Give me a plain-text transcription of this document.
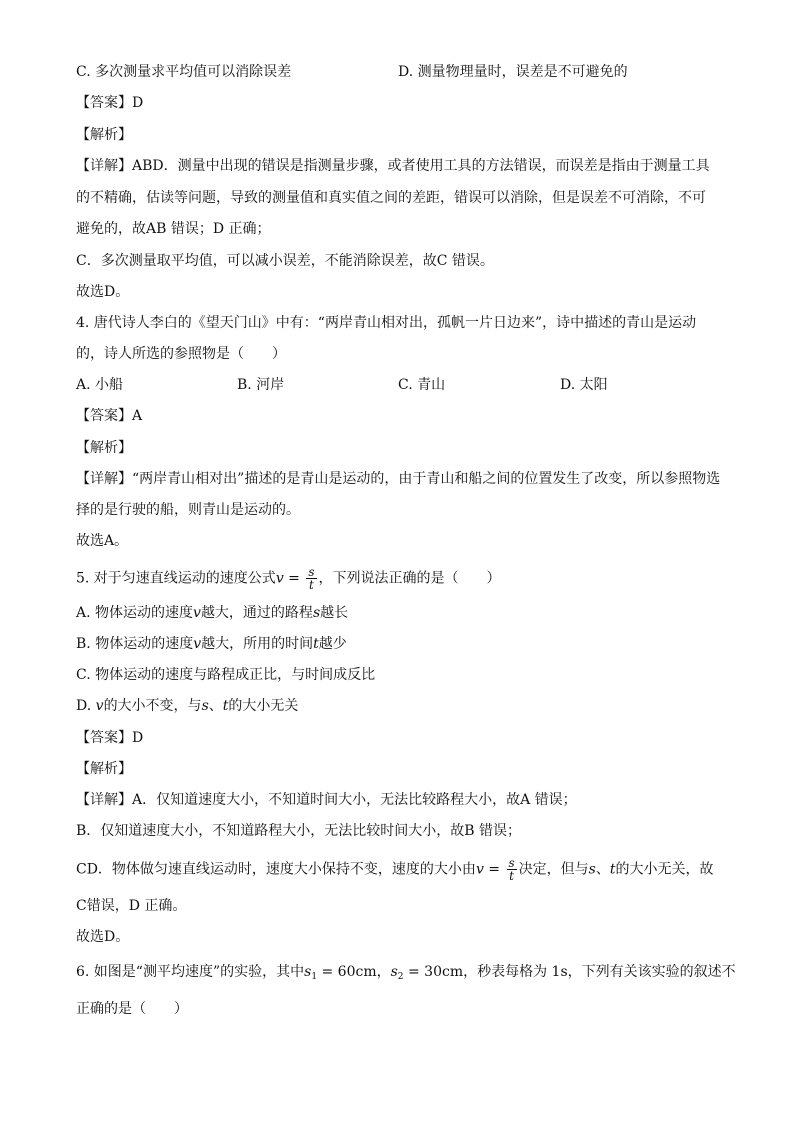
C. 多次测量求平均值可以消除误差	D. 测量物理量时，误差是不可避免的
【答案】D
【解析】
【详解】ABD．测量中出现的错误是指测量步骤，或者使用工具的方法错误，而误差是指由于测量工具
的不精确，估读等问题，导致的测量值和真实值之间的差距，错误可以消除，但是误差不可消除，不可
避免的，故AB 错误；D 正确；
C．多次测量取平均值，可以减小误差，不能消除误差，故C 错误。
故选D。
4. 唐代诗人李白的《望天门山》中有：“两岸青山相对出，孤帆一片日边来”，诗中描述的青山是运动
的，诗人所选的参照物是（　　）
A. 小船	B. 河岸	C. 青山	D. 太阳
【答案】A
【解析】
【详解】“两岸青山相对出”描述的是青山是运动的，由于青山和船之间的位置发生了改变，所以参照物选
择的是行驶的船，则青山是运动的。
故选A。
5. 对于匀速直线运动的速度公式$v = \frac{s}{t}$ ，下列说法正确的是（　　）
A. 物体运动的速度v越大，通过的路程s越长
B. 物体运动的速度v越大，所用的时间t越少
C. 物体运动的速度与路程成正比，与时间成反比
D. v的大小不变，与s、t的大小无关
【答案】D
【解析】
【详解】A．仅知道速度大小，不知道时间大小，无法比较路程大小，故A 错误；
B．仅知道速度大小，不知道路程大小，无法比较时间大小，故B 错误；
CD．物体做匀速直线运动时，速度大小保持不变，速度的大小由$v = \frac{s}{t}$ 决定，但与s、t的大小无关，故
C错误，D 正确。
故选D。
6. 如图是“测平均速度”的实验，其中$s_1 = 60cm$，$s_2 = 30cm$，秒表每格为 1s，下列有关该实验的叙述不
正确的是（　　）
